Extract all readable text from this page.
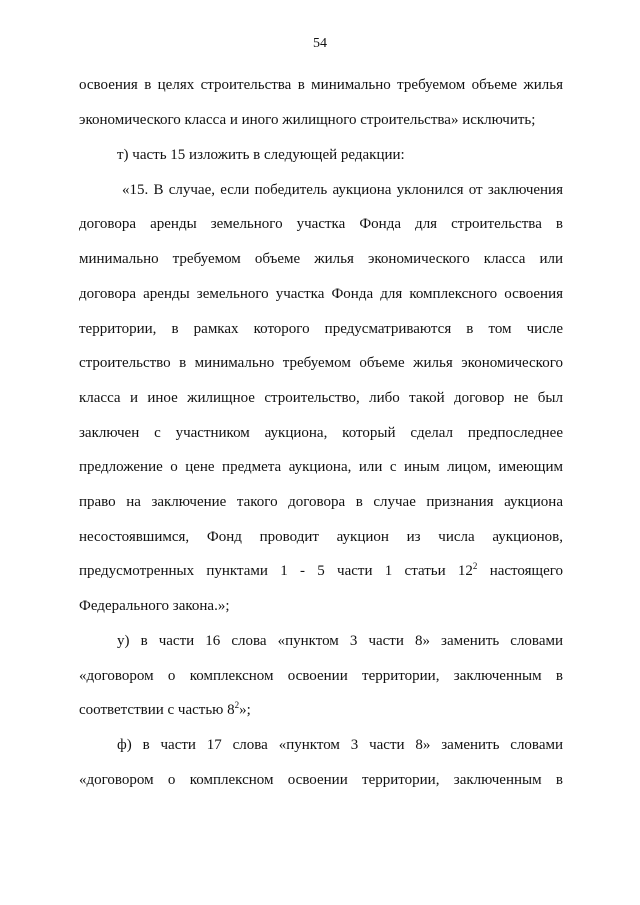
54
освоения в целях строительства в минимально требуемом объеме жилья
экономического класса и иного жилищного строительства» исключить;
т) часть 15 изложить в следующей редакции:
«15. В случае, если победитель аукциона уклонился от заключения
договора аренды земельного участка Фонда для строительства в
минимально требуемом объеме жилья экономического класса или
договора аренды земельного участка Фонда для комплексного освоения
территории, в рамках которого предусматриваются в том числе
строительство в минимально требуемом объеме жилья экономического
класса и иное жилищное строительство, либо такой договор не был
заключен с участником аукциона, который сделал предпоследнее
предложение о цене предмета аукциона, или с иным лицом, имеющим
право на заключение такого договора в случае признания аукциона
несостоявшимся, Фонд проводит аукцион из числа аукционов,
предусмотренных пунктами 1 - 5 части 1 статьи $12^2$ настоящего
Федерального закона.»;
у) в части 16 слова «пунктом 3 части 8» заменить словами
«договором о комплексном освоении территории, заключенным в
соответствии с частью $8^2$»;
ф) в части 17 слова «пунктом 3 части 8» заменить словами
«договором о комплексном освоении территории, заключенным в
